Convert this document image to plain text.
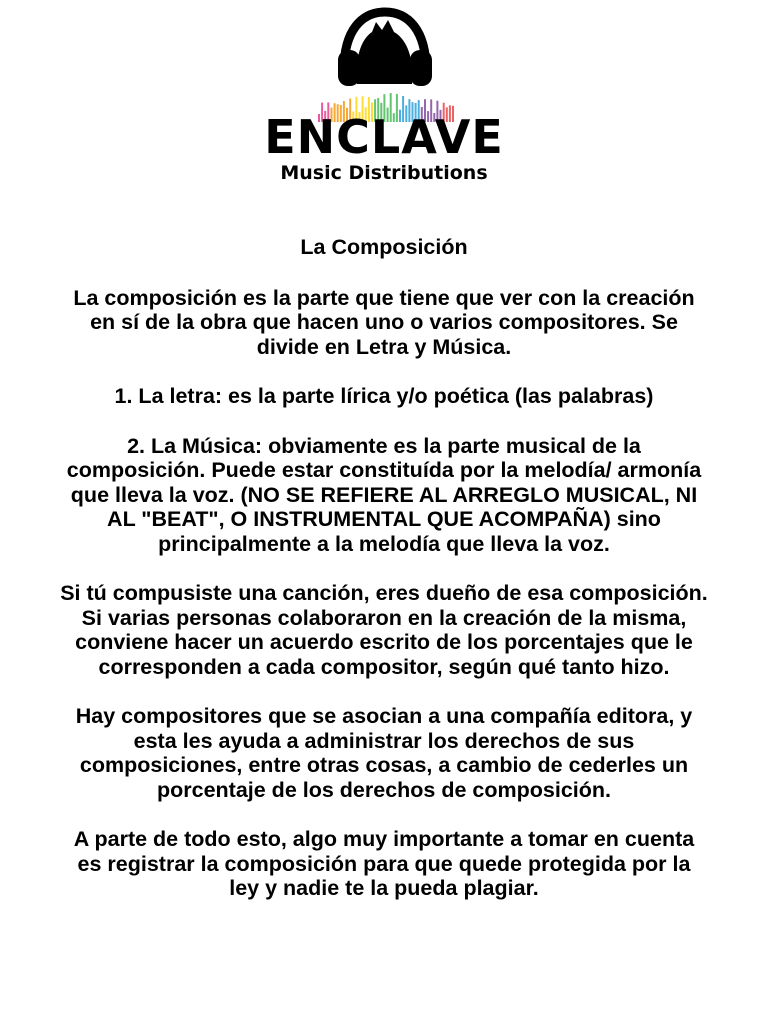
ENCLAVE
Music Distributions

La Composición

La composición es la parte que tiene que ver con la creación en sí de la obra que hacen uno o varios compositores. Se divide en Letra y Música.

1. La letra: es la parte lírica y/o poética (las palabras)

2. La Música: obviamente es la parte musical de la composición. Puede estar constituída por la melodía/ armonía que lleva la voz. (NO SE REFIERE AL ARREGLO MUSICAL, NI AL "BEAT", O INSTRUMENTAL QUE ACOMPAÑA) sino principalmente a la melodía que lleva la voz.

Si tú compusiste una canción, eres dueño de esa composición. Si varias personas colaboraron en la creación de la misma, conviene hacer un acuerdo escrito de los porcentajes que le corresponden a cada compositor, según qué tanto hizo.

Hay compositores que se asocian a una compañía editora, y esta les ayuda a administrar los derechos de sus composiciones, entre otras cosas, a cambio de cederles un porcentaje de los derechos de composición.

A parte de todo esto, algo muy importante a tomar en cuenta es registrar la composición para que quede protegida por la ley y nadie te la pueda plagiar.
